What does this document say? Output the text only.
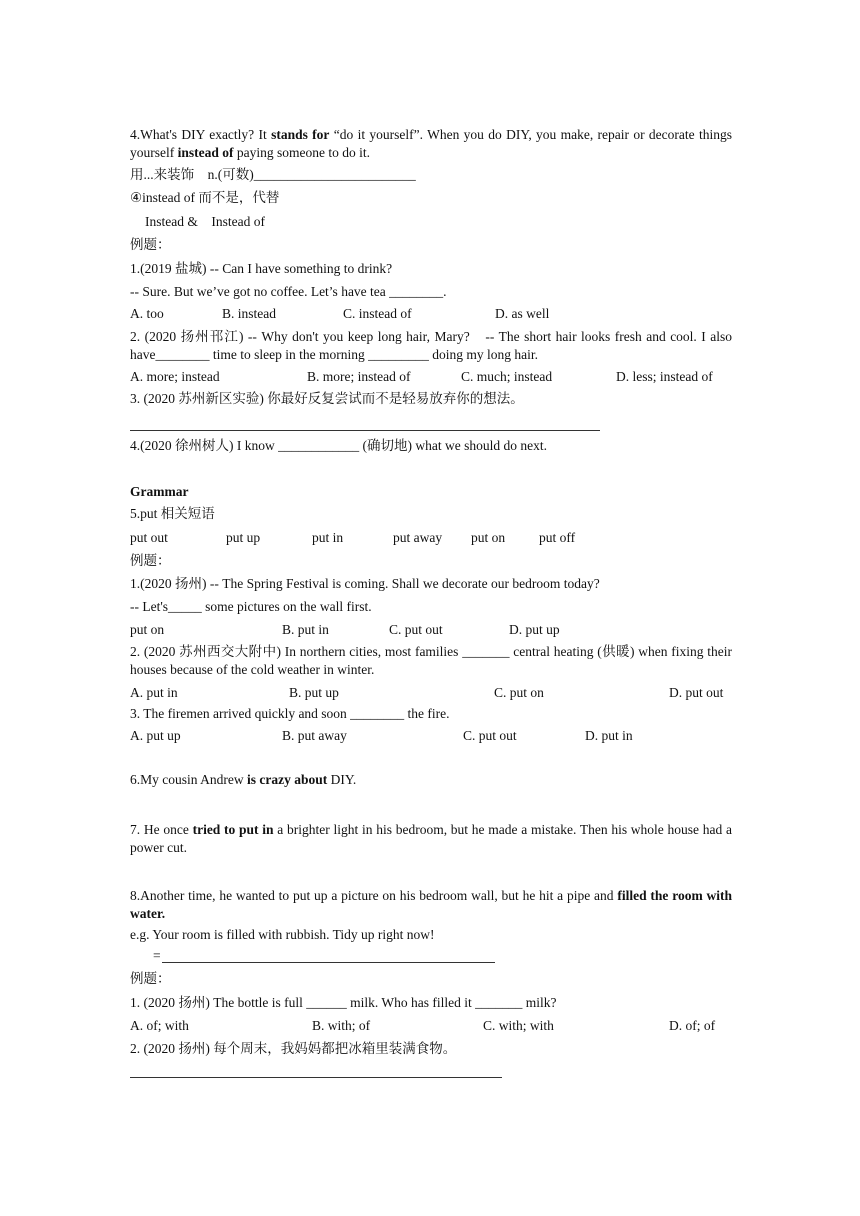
4.What's DIY exactly? It stands for “do it yourself”. When you do DIY, you make, repair or decorate things yourself instead of paying someone to do it.
用...来装饰　n.(可数)________________________
④instead of 而不是，代替
Instead &　Instead of
例题：
1.(2019 盐城) -- Can I have something to drink?
-- Sure. But we’ve got no coffee. Let’s have tea ________.
A. too	B. instead	C. instead of	D. as well
2. (2020 扬州邗江) -- Why don't you keep long hair, Mary?　-- The short hair looks fresh and cool. I also have________ time to sleep in the morning _________ doing my long hair.
A. more; instead	B. more; instead of	C. much; instead	D. less; instead of
3. (2020 苏州新区实验) 你最好反复尝试而不是轻易放弃你的想法。
4.(2020 徐州树人) I know ____________ (确切地) what we should do next.
Grammar
5.put 相关短语
put out	put up	put in	put away put on	put off
例题：
1.(2020 扬州) -- The Spring Festival is coming. Shall we decorate our bedroom today?
-- Let's_____ some pictures on the wall first.
put on	B. put in	C. put out	D. put up
2. (2020 苏州西交大附中) In northern cities, most families _______ central heating (供暖) when fixing their houses because of the cold weather in winter.
A. put in	B. put up	C. put on	D. put out
3. The firemen arrived quickly and soon ________ the fire.
A. put up	B. put away	C. put out	D. put in
6.My cousin Andrew is crazy about DIY.
7. He once tried to put in a brighter light in his bedroom, but he made a mistake. Then his whole house had a power cut.
8.Another time, he wanted to put up a picture on his bedroom wall, but he hit a pipe and filled the room with water.
e.g. Your room is filled with rubbish. Tidy up right now!
=
例题：
1. (2020 扬州) The bottle is full ______ milk. Who has filled it _______ milk?
A. of; with	B. with; of	C. with; with	D. of; of
2. (2020 扬州) 每个周末，我妈妈都把冰箱里装满食物。
